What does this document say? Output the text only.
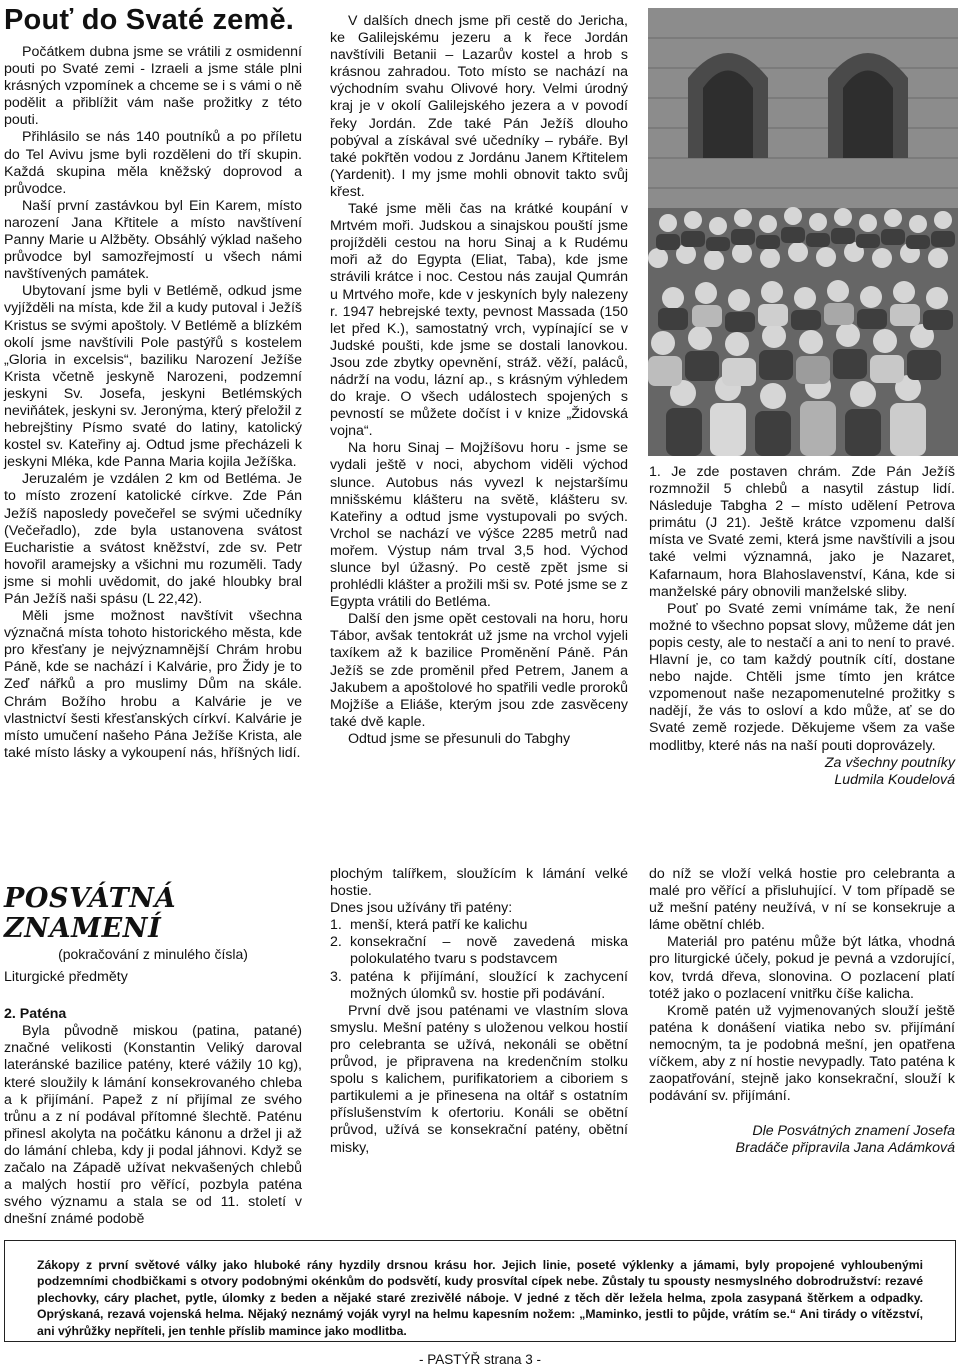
Pouť do Svaté země.

Počátkem dubna jsme se vrátili z osmidenní pouti po Svaté zemi - Izraeli a jsme stále plni krásných vzpomínek a chceme se i s vámi o ně podělit a přiblížit vám naše prožitky z této pouti.

Přihlásilo se nás 140 poutníků a po příletu do Tel Avivu jsme byli rozděleni do tří skupin. Každá skupina měla kněžský doprovod a průvodce.

Naší první zastávkou byl Ein Karem, místo narození Jana Křtitele a místo navštívení Panny Marie u Alžběty. Obsáhlý výklad našeho průvodce byl samozřejmostí u všech námi navštívených památek.

Ubytovaní jsme byli v Betlémě, odkud jsme vyjížděli na místa, kde žil a kudy putoval i Ježíš Kristus se svými apoštoly. V Betlémě a blízkém okolí jsme navštívili Pole pastýřů s kostelem „Gloria in excelsis“, baziliku Narození Ježíše Krista včetně jeskyně Narozeni, podzemní jeskyni Sv. Josefa, jeskyni Betlémských neviňátek, jeskyni sv. Jeronýma, který přeložil z hebrejštiny Písmo svaté do latiny, katolický kostel sv. Kateřiny aj. Odtud jsme přecházeli k jeskyni Mléka, kde Panna Maria kojila Ježíška.

Jeruzalém je vzdálen 2 km od Betléma. Je to místo zrození katolické církve. Zde Pán Ježíš naposledy povečeřel se svými učedníky (Večeřadlo), zde byla ustanovena svátost Eucharistie a svátost kněžství, zde sv. Petr hovořil aramejsky a všichni mu rozuměli. Tady jsme si mohli uvědomit, do jaké hloubky bral Pán Ježíš naši spásu (L 22,42).

Měli jsme možnost navštívit všechna význačná místa tohoto historického města, kde pro křesťany je nejvýznamnější Chrám hrobu Páně, kde se nachází i Kalvárie, pro Židy je to Zeď nářků a pro muslimy Dům na skále. Chrám Božího hrobu a Kalvárie je ve vlastnictví šesti křesťanských církví. Kalvárie je místo umučení našeho Pána Ježíše Krista, ale také místo lásky a vykoupení nás, hříšných lidí.

V dalších dnech jsme při cestě do Jericha, ke Galilejskému jezeru a k řece Jordán navštívili Betanii – Lazarův kostel a hrob s krásnou zahradou. Toto místo se nachází na východním svahu Olivové hory. Velmi úrodný kraj je v okolí Galilejského jezera a v povodí řeky Jordán. Zde také Pán Ježíš dlouho pobýval a získával své učedníky – rybáře. Byl také pokřtěn vodou z Jordánu Janem Křtitelem (Yardenit). I my jsme mohli obnovit takto svůj křest.

Také jsme měli čas na krátké koupání v Mrtvém moři. Judskou a sinajskou pouští jsme projížděli cestou na horu Sinaj a k Rudému moři až do Egypta (Eliat, Taba), kde jsme strávili krátce i noc. Cestou nás zaujal Qumrán u Mrtvého moře, kde v jeskyních byly nalezeny r. 1947 hebrejské texty, pevnost Massada (150 let před K.), samostatný vrch, vypínající se v Judské poušti, kde jsme se dostali lanovkou. Jsou zde zbytky opevnění, stráž. věží, paláců, nádrží na vodu, lázní ap., s krásným výhledem do kraje. O všech událostech spojených s pevností se můžete dočíst i v knize „Židovská vojna“.

Na horu Sinaj – Mojžíšovu horu - jsme se vydali ještě v noci, abychom viděli východ slunce. Autobus nás vyvezl k nejstaršímu mnišskému klášteru na světě, klášteru sv. Kateřiny a odtud jsme vystupovali po svých. Vrchol se nachází ve výšce 2285 metrů nad mořem. Výstup nám trval 3,5 hod. Východ slunce byl úžasný. Po cestě zpět jsme si prohlédli klášter a prožili mši sv. Poté jsme se z Egypta vrátili do Betléma.

Další den jsme opět cestovali na horu, horu Tábor, avšak tentokrát už jsme na vrchol vyjeli taxíkem až k bazilice Proměnění Páně. Pán Ježíš se zde proměnil před Petrem, Janem a Jakubem a apoštolové ho spatřili vedle proroků Mojžíše a Eliáše, kterým jsou zde zasvěceny také dvě kaple.

Odtud jsme se přesunuli do Tabghy

1. Je zde postaven chrám. Zde Pán Ježíš rozmnožil 5 chlebů a nasytil zástup lidí. Následuje Tabgha 2 – místo udělení Petrova primátu (J 21). Ještě krátce vzpomenu další místa ve Svaté zemi, která jsme navštívili a jsou také velmi významná, jako je Nazaret, Kafarnaum, hora Blahoslavenství, Kána, kde si manželské páry obnovili manželské sliby.

Pouť po Svaté zemi vnímáme tak, že není možné to všechno popsat slovy, můžeme dát jen popis cesty, ale to nestačí a ani to není to pravé. Hlavní je, co tam každý poutník cítí, dostane nebo najde. Chtěli jsme tímto jen krátce vzpomenout naše nezapomenutelné prožitky s nadějí, že vás to osloví a kdo může, ať se do Svaté země rozjede. Děkujeme všem za vaše modlitby, které nás na naší pouti doprovázely.

Za všechny poutníky
Ludmila Koudelová
POSVÁTNÁ ZNAMENÍ
(pokračování z minulého čísla)

Liturgické předměty

2. Paténa

Byla původně miskou (patina, patané) značné velikosti (Konstantin Veliký daroval lateránské bazilice patény, které vážily 10 kg), které sloužily k lámání konsekrovaného chleba a k přijímání. Papež z ní přijímal ze svého trůnu a z ní podával přítomné šlechtě. Paténu přinesl akolyta na počátku kánonu a držel ji až do lámání chleba, kdy ji podal jáhnovi. Když se začalo na Západě užívat nekvašených chlebů a malých hostií pro věřící, pozbyla paténa svého významu a stala se od 11. století v dnešní známé podobě

plochým talířkem, sloužícím k lámání velké hostie.

Dnes jsou užívány tři patény:

1. menší, která patří ke kalichu
2. konsekrační – nově zavedená miska polokulatého tvaru s podstavcem
3. paténa k přijímání, sloužící k zachycení možných úlomků sv. hostie při podávání.

První dvě jsou paténami ve vlastním slova smyslu. Mešní patény s uloženou velkou hostií pro celebranta se užívá, nekonáli se obětní průvod, je připravena na kredenčním stolku spolu s kalichem, purifikatoriem a ciboriem s partikulemi a je přinesena na oltář s ostatním příslušenstvím k ofertoriu. Konáli se obětní průvod, užívá se konsekrační patény, obětní misky,

do níž se vloží velká hostie pro celebranta a malé pro věřící a přisluhující. V tom případě se už mešní patény neužívá, v ní se konsekruje a láme obětní chléb.

Materiál pro paténu může být látka, vhodná pro liturgické účely, pokud je pevná a vzdorující, kov, tvrdá dřeva, slonovina. O pozlacení platí totéž jako o pozlacení vnitřku číše kalicha.

Kromě patén už vyjmenovaných slouží ještě paténa k donášení viatika nebo sv. přijímání nemocným, ta je podobná mešní, jen opatřena víčkem, aby z ní hostie nevypadly. Tato paténa k zaopatřování, stejně jako konsekrační, slouží k podávání sv. přijímání.

Dle Posvátných znamení Josefa
Bradáče připravila Jana Adámková
Zákopy z první světové války jako hluboké rány hyzdily drsnou krásu hor. Jejich linie, poseté výklenky a jámami, byly propojené vyhloubenými podzemními chodbičkami s otvory podobnými okénkům do podsvětí, kudy prosvítal cípek nebe. Zůstaly tu spousty nesmyslného dobrodružství: rezavé plechovky, cáry plachet, pytle, úlomky z beden a nějaké staré zrezivělé náboje. V jedné z těch děr ležela helma, zpola zasypaná štěrkem a odpadky. Oprýskaná, rezavá vojenská helma. Nějaký neznámý voják vyryl na helmu kapesním nožem: „Maminko, jestli to půjde, vrátím se.“ Ani tirády o vítězství, ani výhrůžky nepříteli, jen tenhle příslib mamince jako modlitba.
- PASTÝŘ strana 3 -
